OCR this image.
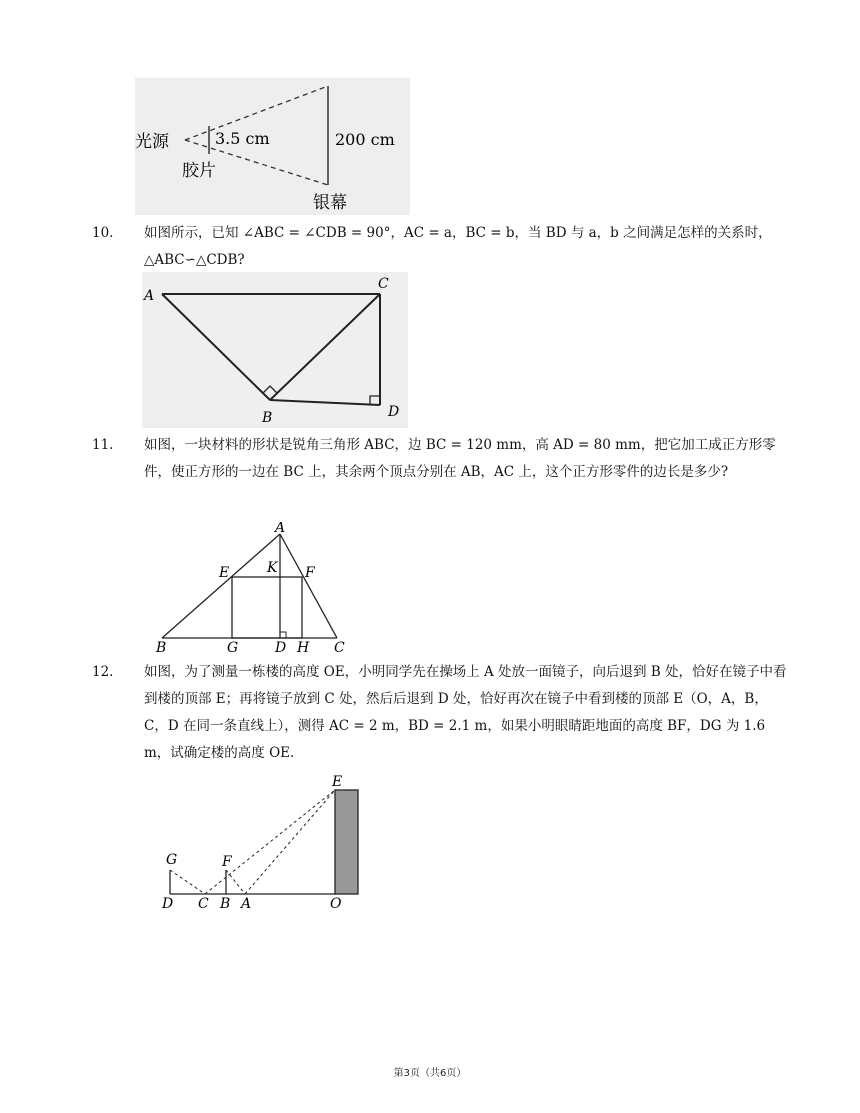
光源	3.5 cm
胶片
200 cm
银幕
10. 如图所示，已知 ∠ABC = ∠CDB = 90°，AC = a，BC = b，当 BD 与 a，b 之间满足怎样的关系时，△ABC∽△CDB?
A
C
B	D
11. 如图，一块材料的形状是锐角三角形 ABC，边 BC = 120 mm，高 AD = 80 mm，把它加工成正方形零件，使正方形的一边在 BC 上，其余两个顶点分别在 AB，AC 上，这个正方形零件的边长是多少?
A
E	K F
B	G	D H C
12. 如图，为了测量一栋楼的高度 OE，小明同学先在操场上 A 处放一面镜子，向后退到 B 处，恰好在镜子中看到楼的顶部 E；再将镜子放到 C 处，然后后退到 D 处，恰好再次在镜子中看到楼的顶部 E（O，A，B，C，D 在同一条直线上），测得 AC = 2 m，BD = 2.1 m，如果小明眼睛距地面的高度 BF，DG 为 1.6 m，试确定楼的高度 OE.
E
G	F
D C B A	O
第3页（共6页）
